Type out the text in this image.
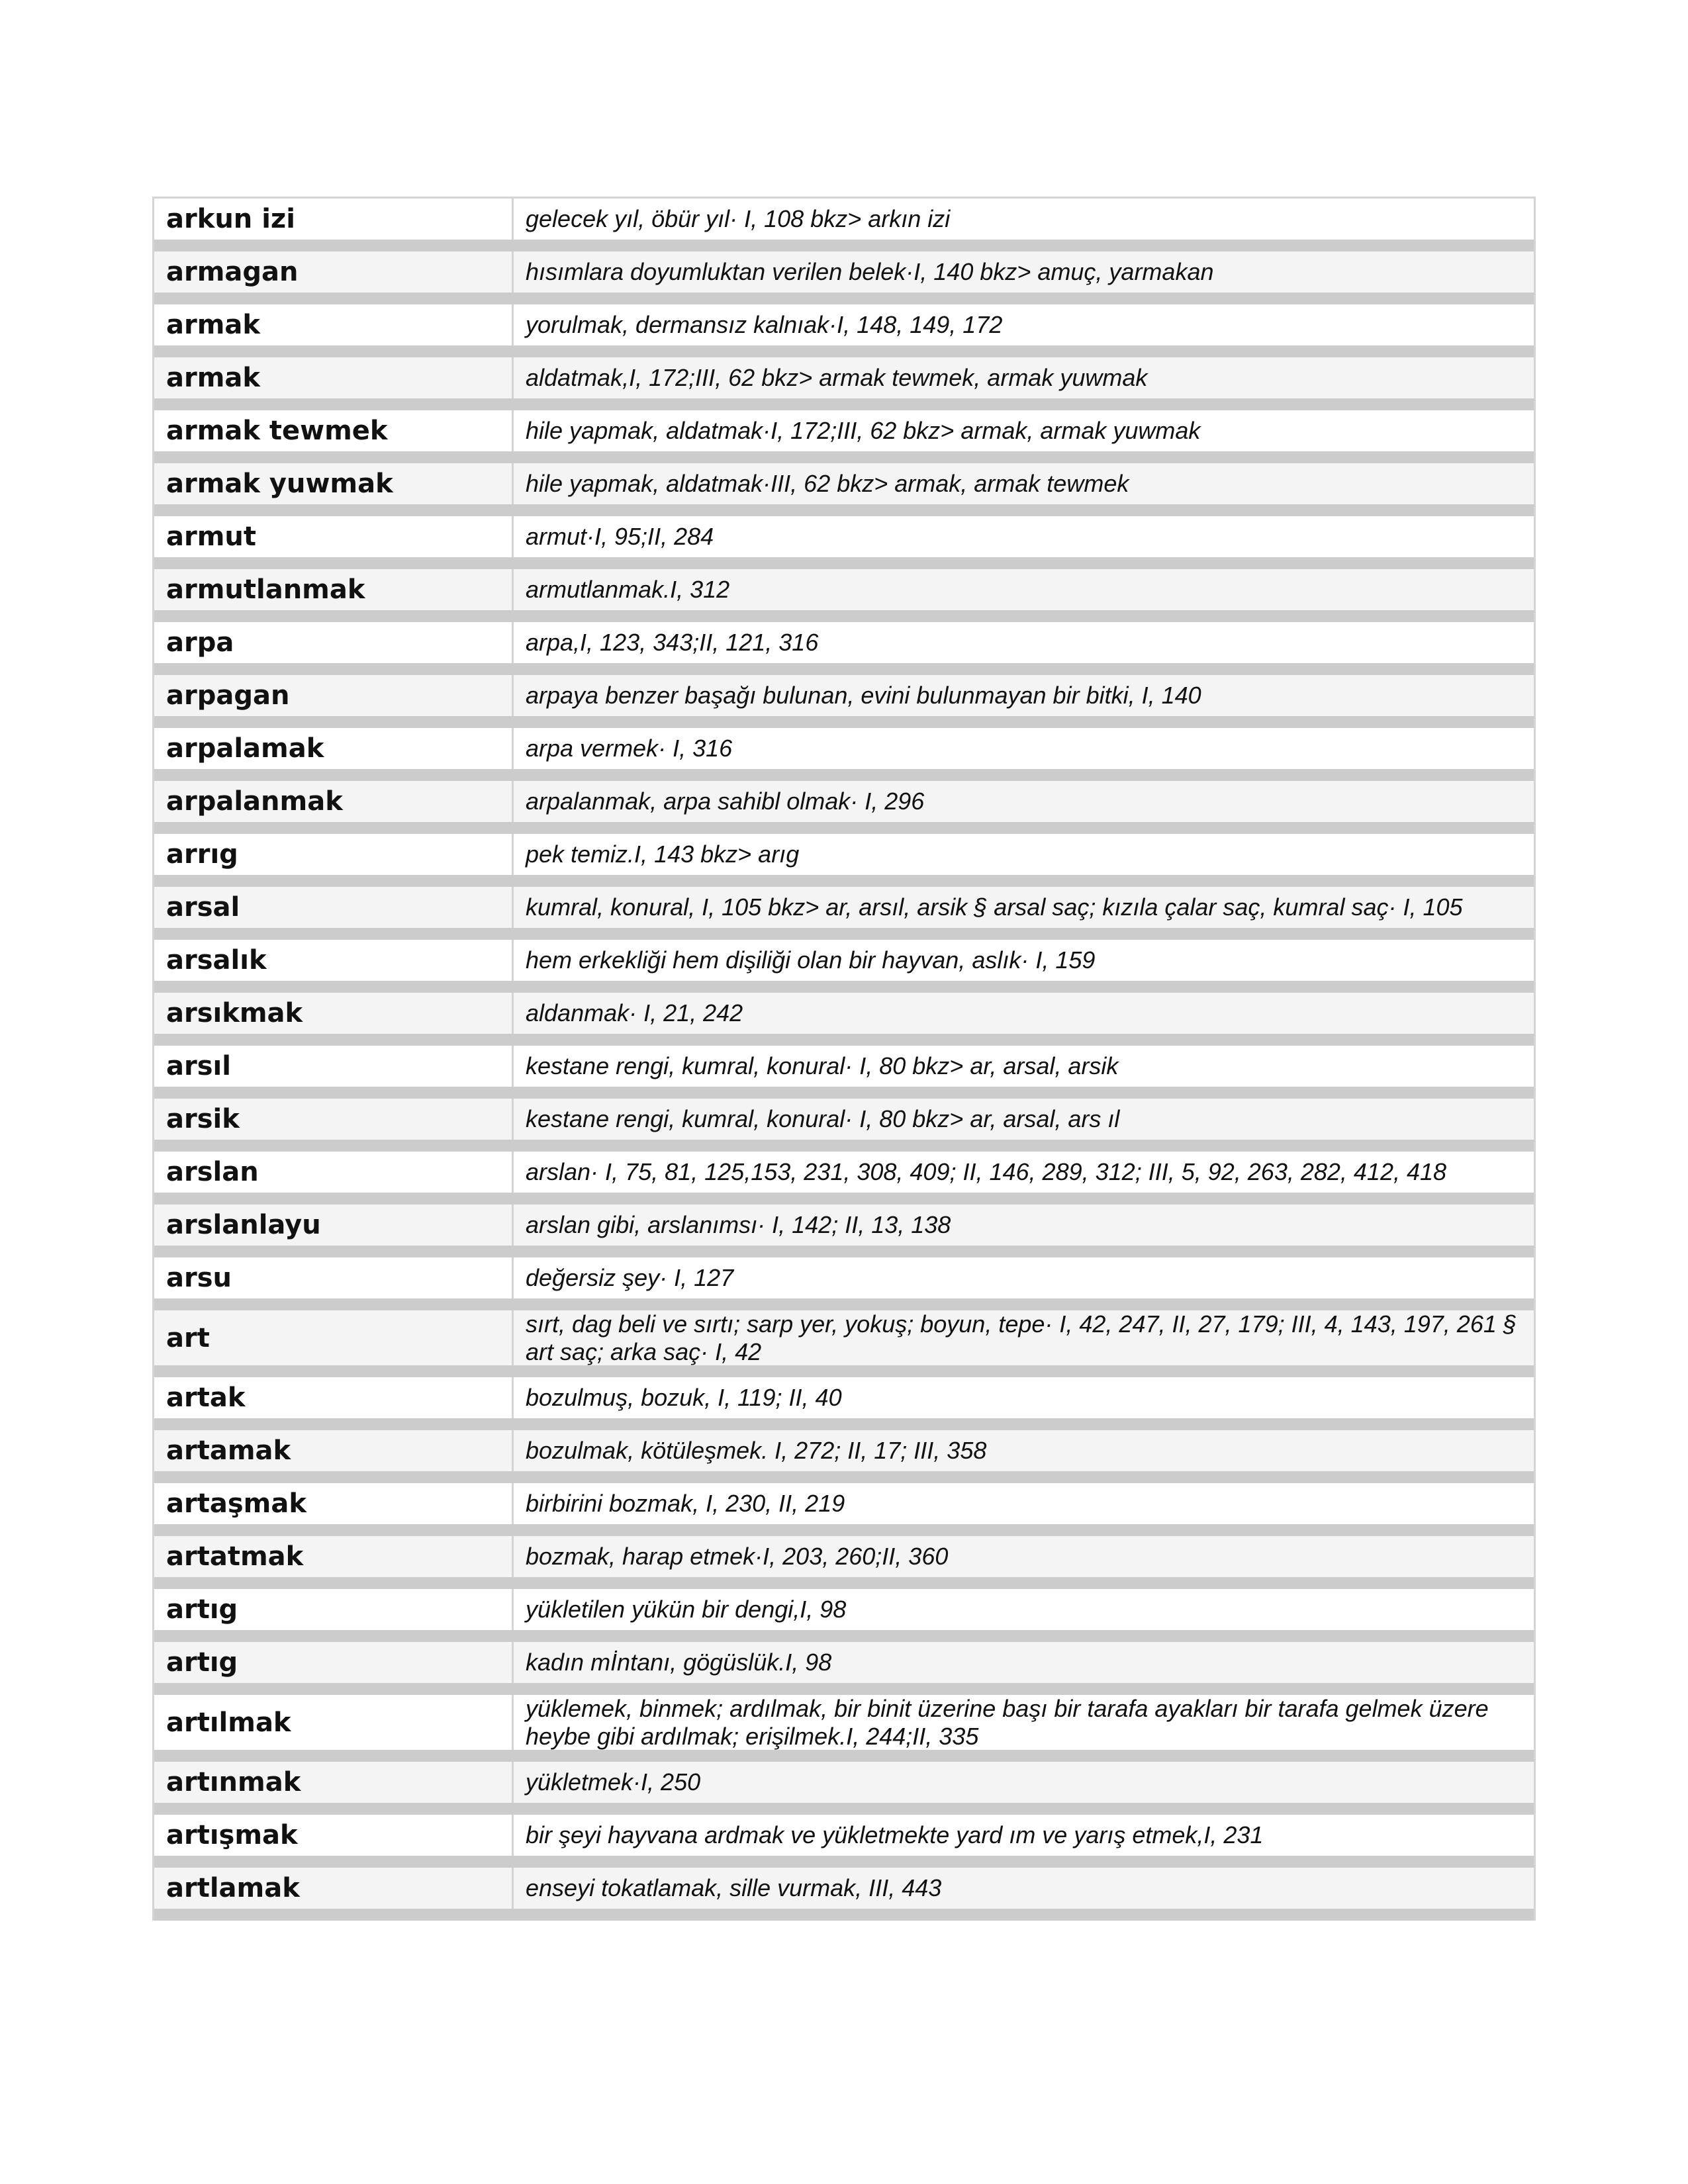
arkun izi	gelecek yıl, öbür yıl· I, 108 bkz> arkın izi
armagan	hısımlara doyumluktan verilen belek·I, 140 bkz> amuç, yarmakan
armak	yorulmak, dermansız kalnıak·I, 148, 149, 172
armak	aldatmak,I, 172;III, 62 bkz> armak tewmek, armak yuwmak
armak tewmek	hile yapmak, aldatmak·I, 172;III, 62 bkz> armak, armak yuwmak
armak yuwmak	hile yapmak, aldatmak·III, 62 bkz> armak, armak tewmek
armut	armut·I, 95;II, 284
armutlanmak	armutlanmak.I, 312
arpa	arpa,I, 123, 343;II, 121, 316
arpagan	arpaya benzer başağı bulunan, evini bulunmayan bir bitki, I, 140
arpalamak	arpa vermek· I, 316
arpalanmak	arpalanmak, arpa sahibl olmak· I, 296
arrıg	pek temiz.I, 143 bkz> arıg
arsal	kumral, konural, I, 105 bkz> ar, arsıl, arsik § arsal saç; kızıla çalar saç, kumral saç· I, 105
arsalık	hem erkekliği hem dişiliği olan bir hayvan, aslık· I, 159
arsıkmak	aldanmak· I, 21, 242
arsıl	kestane rengi, kumral, konural· I, 80 bkz> ar, arsal, arsik
arsik	kestane rengi, kumral, konural· I, 80 bkz> ar, arsal, ars ıl
arslan	arslan· I, 75, 81, 125,153, 231, 308, 409; II, 146, 289, 312; III, 5, 92, 263, 282, 412, 418
arslanlayu	arslan gibi, arslanımsı· I, 142; II, 13, 138
arsu	değersiz şey· I, 127
art	sırt, dag beli ve sırtı; sarp yer, yokuş; boyun, tepe· I, 42, 247, II, 27, 179; III, 4, 143, 197, 261 § art saç; arka saç· I, 42
artak	bozulmuş, bozuk, I, 119; II, 40
artamak	bozulmak, kötüleşmek. I, 272; II, 17; III, 358
artaşmak	birbirini bozmak, I, 230, II, 219
artatmak	bozmak, harap etmek·I, 203, 260;II, 360
artıg	yükletilen yükün bir dengi,I, 98
artıg	kadın mİntanı, gögüslük.I, 98
artılmak	yüklemek, binmek; ardılmak, bir binit üzerine başı bir tarafa ayakları bir tarafa gelmek üzere heybe gibi ardılmak; erişilmek.I, 244;II, 335
artınmak	yükletmek·I, 250
artışmak	bir şeyi hayvana ardmak ve yükletmekte yard ım ve yarış etmek,I, 231
artlamak	enseyi tokatlamak, sille vurmak, III, 443
